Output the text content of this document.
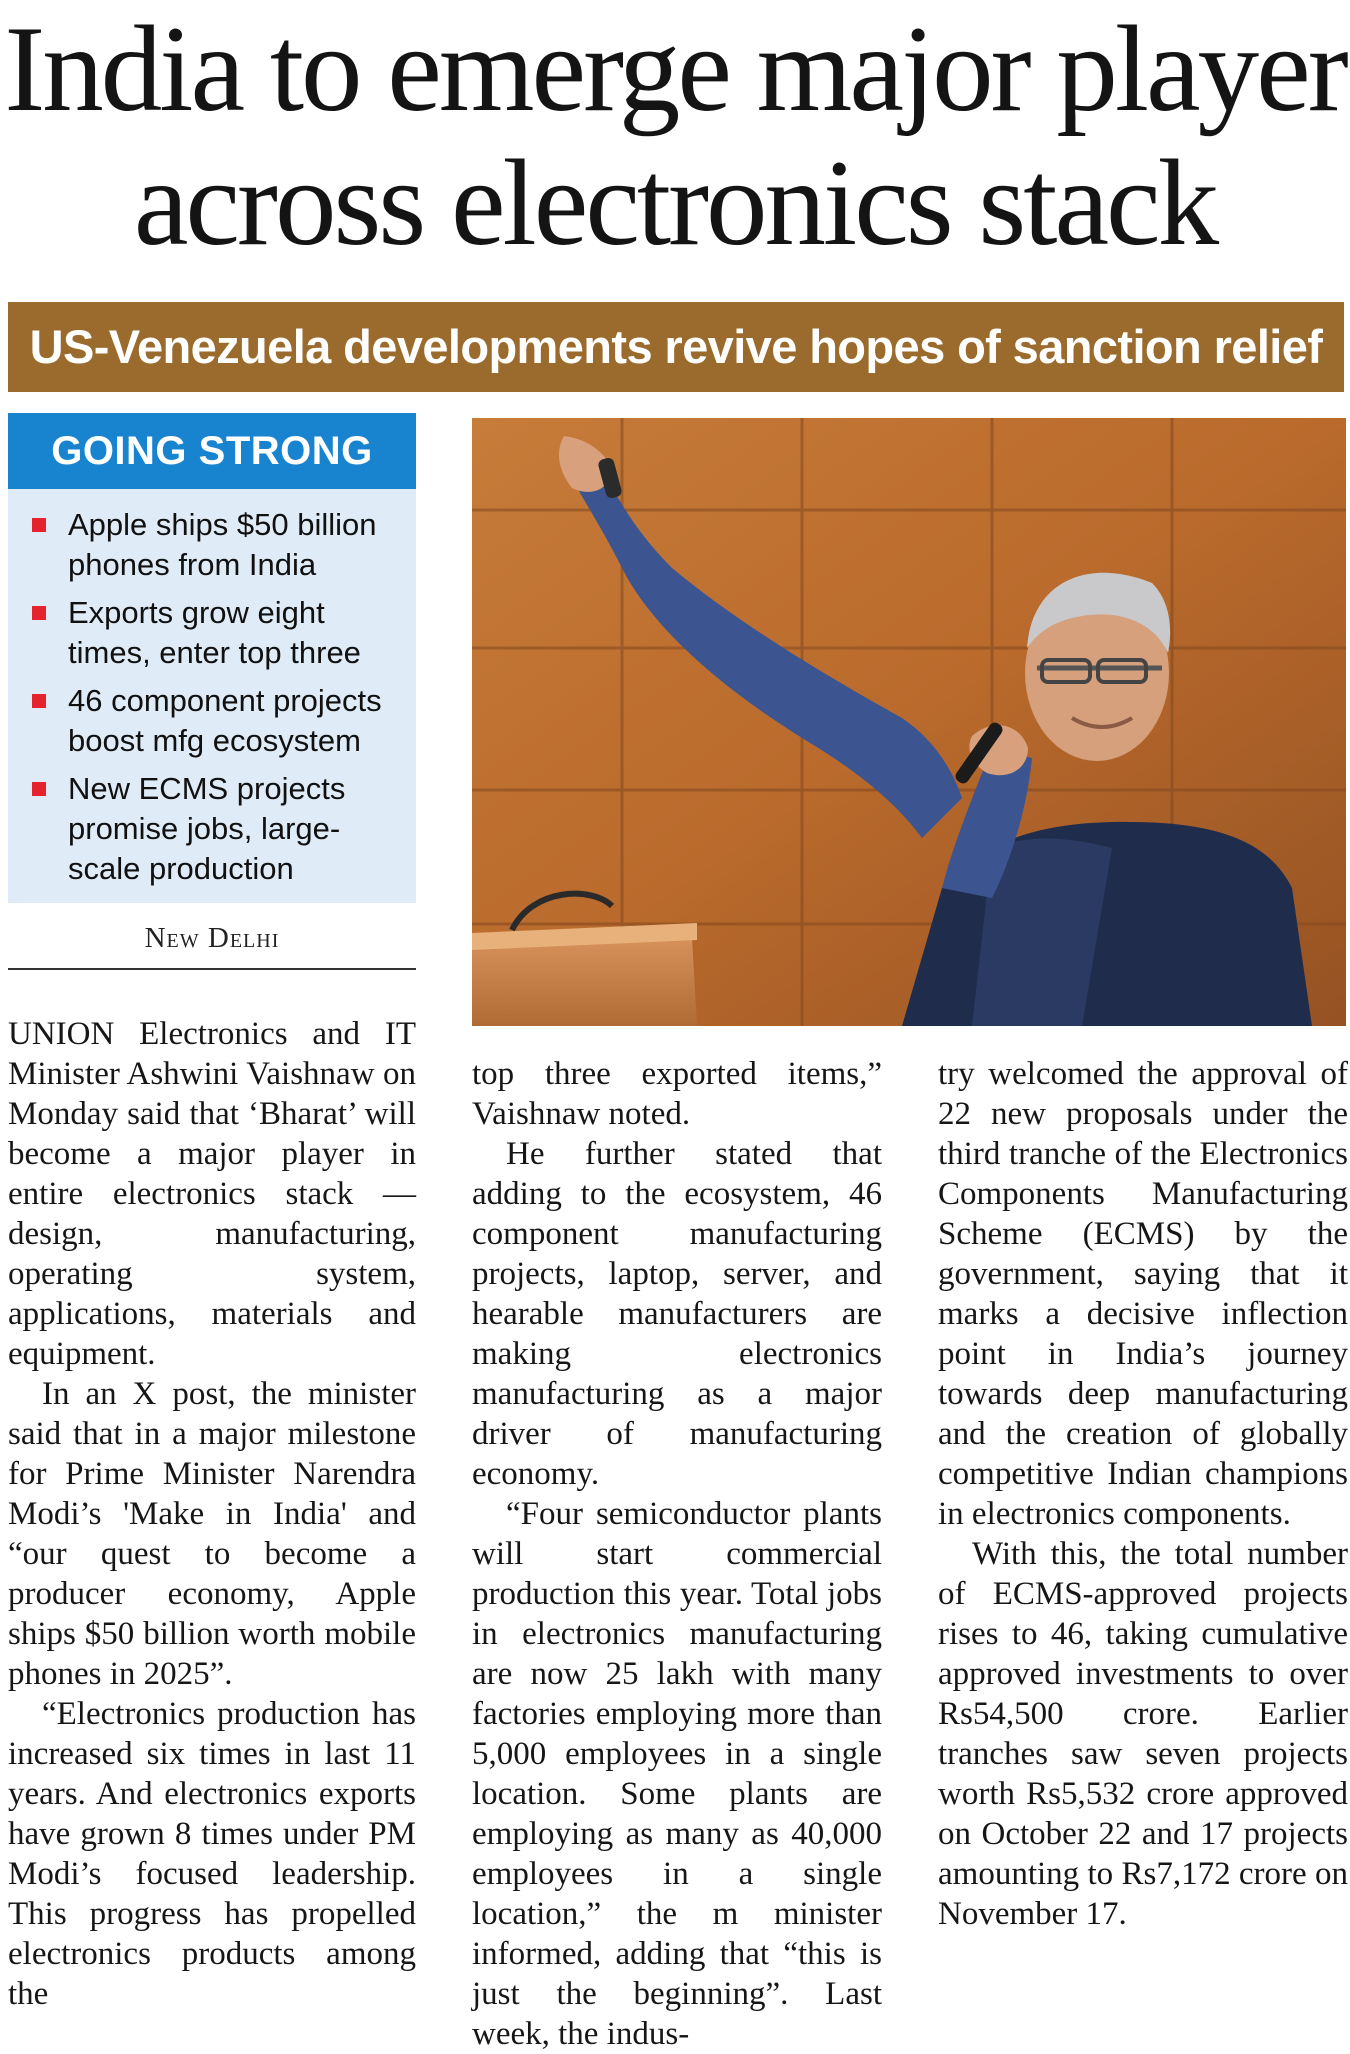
India to emerge major player across electronics stack
US-Venezuela developments revive hopes of sanction relief
GOING STRONG
Apple ships $50 billion phones from India
Exports grow eight times, enter top three
46 component projects boost mfg ecosystem
New ECMS projects promise jobs, large-scale production
New Delhi

UNION Electronics and IT Minister Ashwini Vaishnaw on Monday said that ‘Bharat’ will become a major player in entire electronics stack — design, manufacturing, operating system, applications, materials and equipment.

In an X post, the minister said that in a major milestone for Prime Minister Narendra Modi’s 'Make in India' and “our quest to become a producer economy, Apple ships $50 billion worth mobile phones in 2025”.

“Electronics production has increased six times in last 11 years. And electronics exports have grown 8 times under PM Modi’s focused leadership. This progress has propelled electronics products among the

top three exported items,” Vaishnaw noted.

He further stated that adding to the ecosystem, 46 component manufacturing projects, laptop, server, and hearable manufacturers are making electronics manufacturing as a major driver of manufacturing economy.

“Four semiconductor plants will start commercial production this year. Total jobs in electronics manufacturing are now 25 lakh with many factories employing more than 5,000 employees in a single location. Some plants are employing as many as 40,000 employees in a single location,” the m minister informed, adding that “this is just the beginning”. Last week, the indus-

try welcomed the approval of 22 new proposals under the third tranche of the Electronics Components Manufacturing Scheme (ECMS) by the government, saying that it marks a decisive inflection point in India’s journey towards deep manufacturing and the creation of globally competitive Indian champions in electronics components.

With this, the total number of ECMS-approved projects rises to 46, taking cumulative approved investments to over Rs54,500 crore. Earlier tranches saw seven projects worth Rs5,532 crore approved on October 22 and 17 projects amounting to Rs7,172 crore on November 17.
